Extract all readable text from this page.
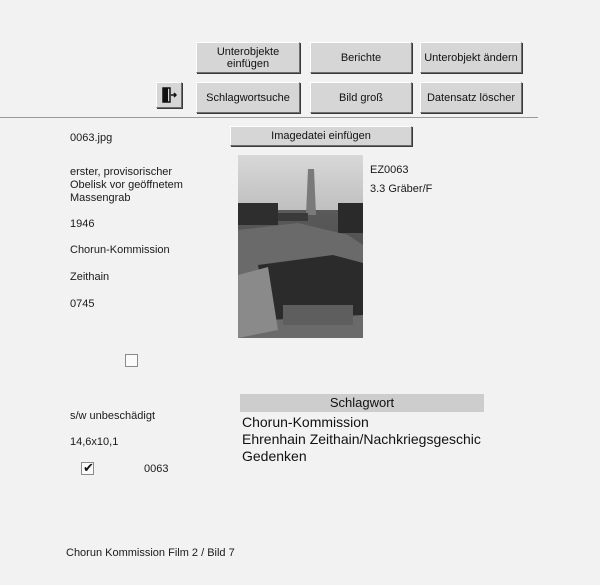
Unterobjekte
einfügen	Berichte	Unterobjekt ändern
Schlagwortsuche	Bild groß	Datensatz löscher
Imagedatei einfügen
0063.jpg
erster, provisorischer Obelisk vor geöffnetem Massengrab
1946
Chorun-Kommission
Zeithain
0745
s/w unbeschädigt
14,6x10,1
✔	0063
Chorun Kommission Film 2 / Bild 7
EZ0063
3.3 Gräber/F
Schlagwort
Chorun-Kommission
Ehrenhain Zeithain/Nachkriegsgeschic
Gedenken
